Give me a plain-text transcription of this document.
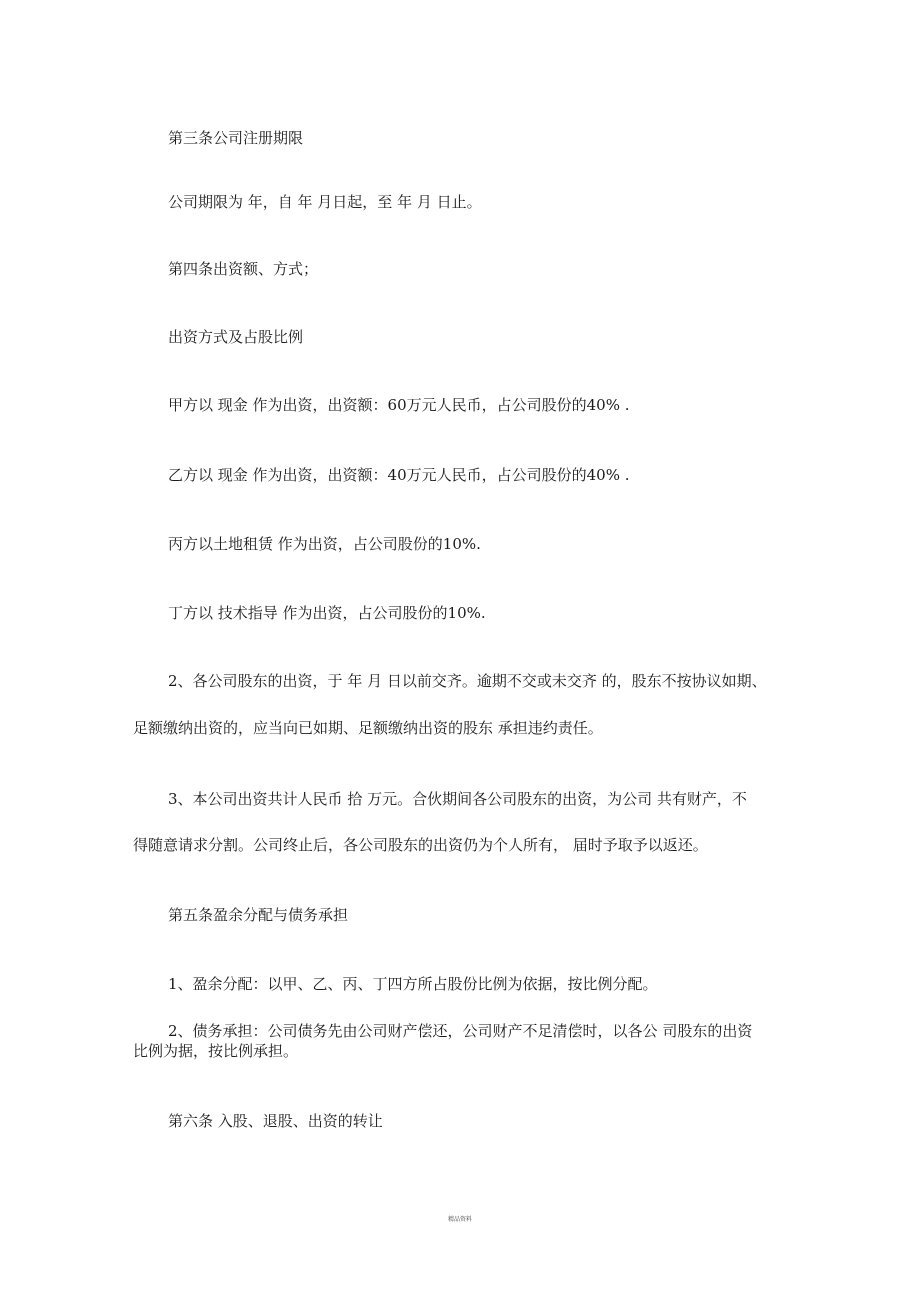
第三条公司注册期限
公司期限为 年，自 年 月日起，至 年 月 日止。
第四条出资额、方式；
出资方式及占股比例
甲方以 现金 作为出资，出资额：60万元人民币，占公司股份的40% .
乙方以 现金 作为出资，出资额：40万元人民币，占公司股份的40% .
丙方以土地租赁 作为出资，占公司股份的10%.
丁方以 技术指导 作为出资，占公司股份的10%.
2、各公司股东的出资，于 年 月 日以前交齐。逾期不交或未交齐 的，股东不按协议如期、
足额缴纳出资的，应当向已如期、足额缴纳出资的股东 承担违约责任。
3、本公司出资共计人民币 拾 万元。合伙期间各公司股东的出资，为公司 共有财产，不
得随意请求分割。公司终止后，各公司股东的出资仍为个人所有， 届时予取予以返还。
第五条盈余分配与债务承担
1、盈余分配：以甲、乙、丙、丁四方所占股份比例为依据，按比例分配。
2、债务承担：公司债务先由公司财产偿还，公司财产不足清偿时，以各公 司股东的出资
比例为据，按比例承担。
第六条 入股、退股、出资的转让
精品资料
